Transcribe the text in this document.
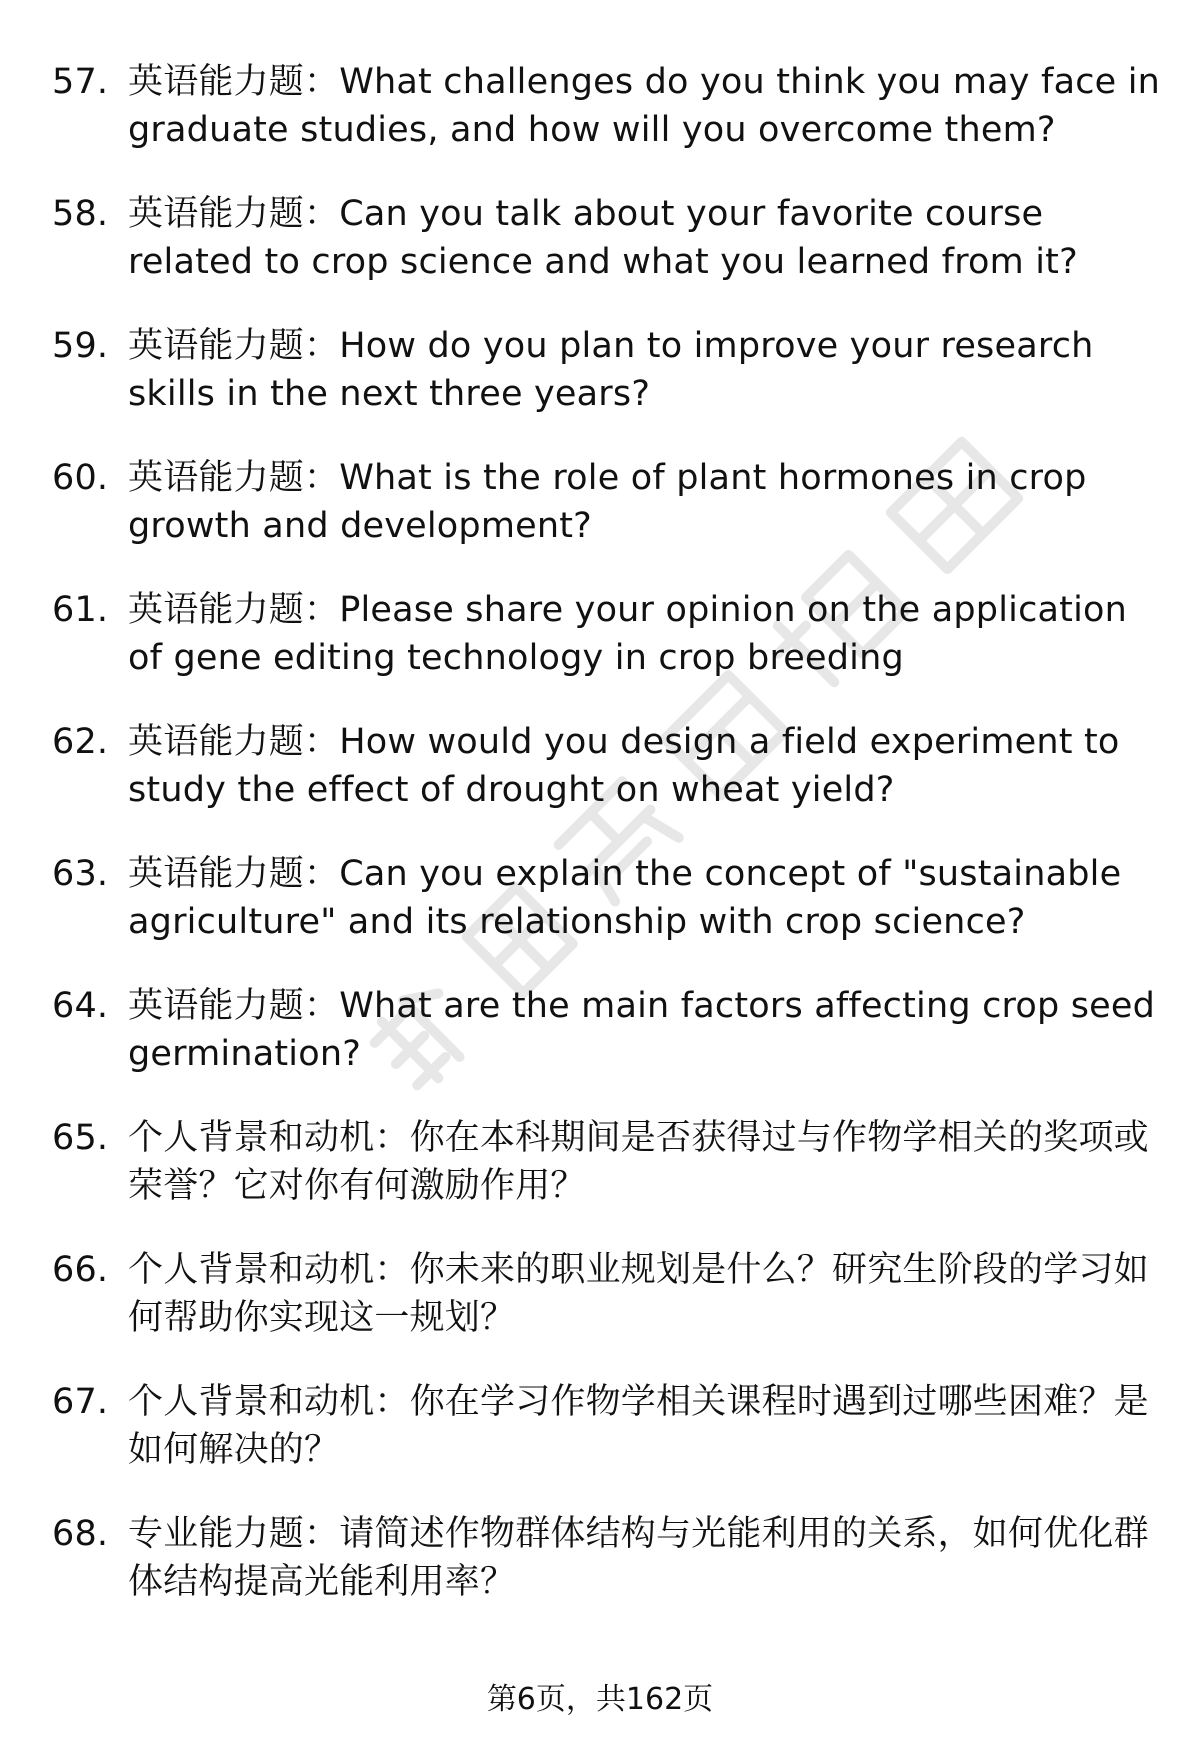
57. 英语能力题：What challenges do you think you may face in graduate studies, and how will you overcome them?
58. 英语能力题：Can you talk about your favorite course related to crop science and what you learned from it?
59. 英语能力题：How do you plan to improve your research skills in the next three years?
60. 英语能力题：What is the role of plant hormones in crop growth and development?
61. 英语能力题：Please share your opinion on the application of gene editing technology in crop breeding
62. 英语能力题：How would you design a field experiment to study the effect of drought on wheat yield?
63. 英语能力题：Can you explain the concept of "sustainable agriculture" and its relationship with crop science?
64. 英语能力题：What are the main factors affecting crop seed germination?
65. 个人背景和动机：你在本科期间是否获得过与作物学相关的奖项或荣誉？它对你有何激励作用？
66. 个人背景和动机：你未来的职业规划是什么？研究生阶段的学习如何帮助你实现这一规划？
67. 个人背景和动机：你在学习作物学相关课程时遇到过哪些困难？是如何解决的？
68. 专业能力题：请简述作物群体结构与光能利用的关系，如何优化群体结构提高光能利用率？
第6页，共162页
